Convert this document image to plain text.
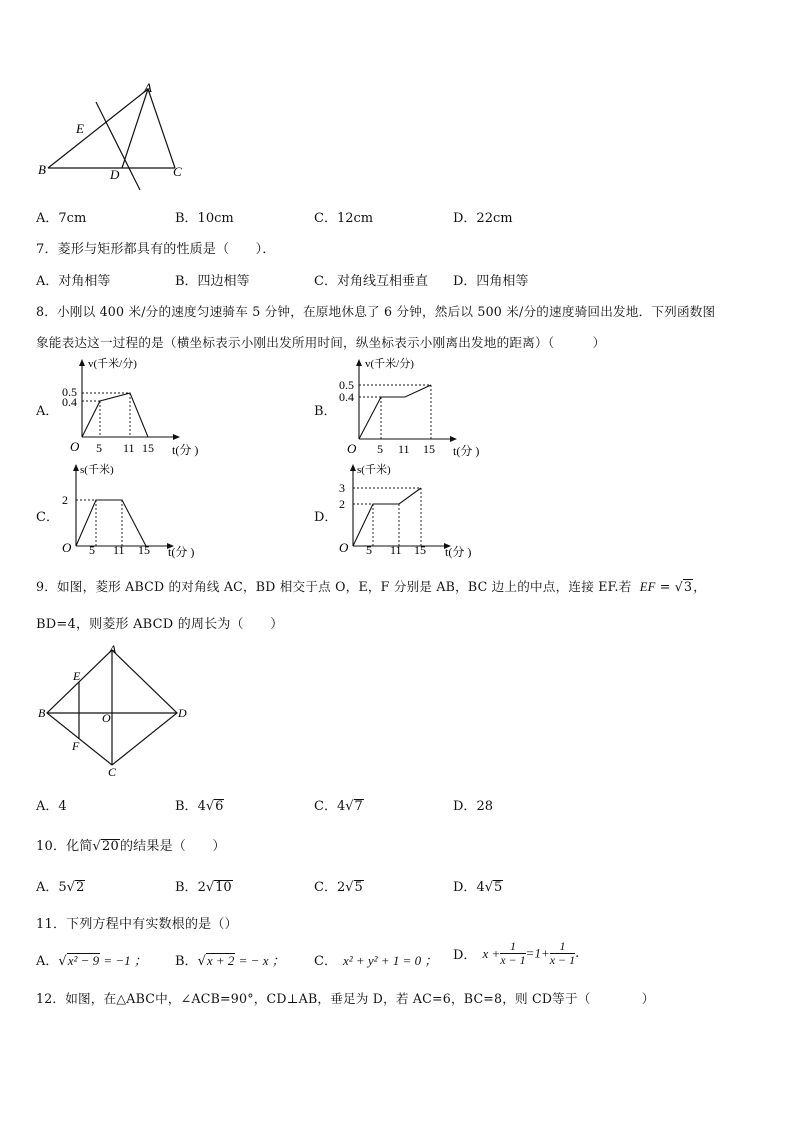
A
E
B	D	C
A．7cm	B．10cm	C．12cm	D．22cm
7．菱形与矩形都具有的性质是（　　）．
A．对角相等	B．四边相等	C．对角线互相垂直 D．四角相等
8．小刚以 400 米/分的速度匀速骑车 5 分钟，在原地休息了 6 分钟，然后以 500 米/分的速度骑回出发地．下列函数图
象能表达这一过程的是（横坐标表示小刚出发所用时间，纵坐标表示小刚离出发地的距离）（　　　）
A．	B．
C．	D．
v(千米/分)
0.5
0.4
O 5 11 15 t(分 )
v(千米/分)
0.5
0.4
O 5 11 15 t(分 )
s(千米)
2
O 5 11 15 t(分 )
s(千米)
3
2
O 5 11 15 t(分 )
9．如图，菱形 ABCD 的对角线 AC，BD 相交于点 O，E，F 分别是 AB，BC 边上的中点，连接 EF.若 EF = √3，
BD=4，则菱形 ABCD 的周长为（　　）
A
E
B	O	D
F
C
A．4	B．4√6	C．4√7	D．28
10．化简√20的结果是（　　）
A．5√2	B．2√10	C．2√5	D．4√5
11．下列方程中有实数根的是（）
A．√x² − 9 = −1 ； B．√x + 2 = − x ； C． x² + y² + 1 = 0 ； D． $x + \frac{1}{x - 1} =1+ \frac{1}{x - 1}$ .
12．如图，在△ABC中，∠ACB=90°，CD⊥AB，垂足为 D，若 AC=6，BC=8，则 CD等于（　　　　）
